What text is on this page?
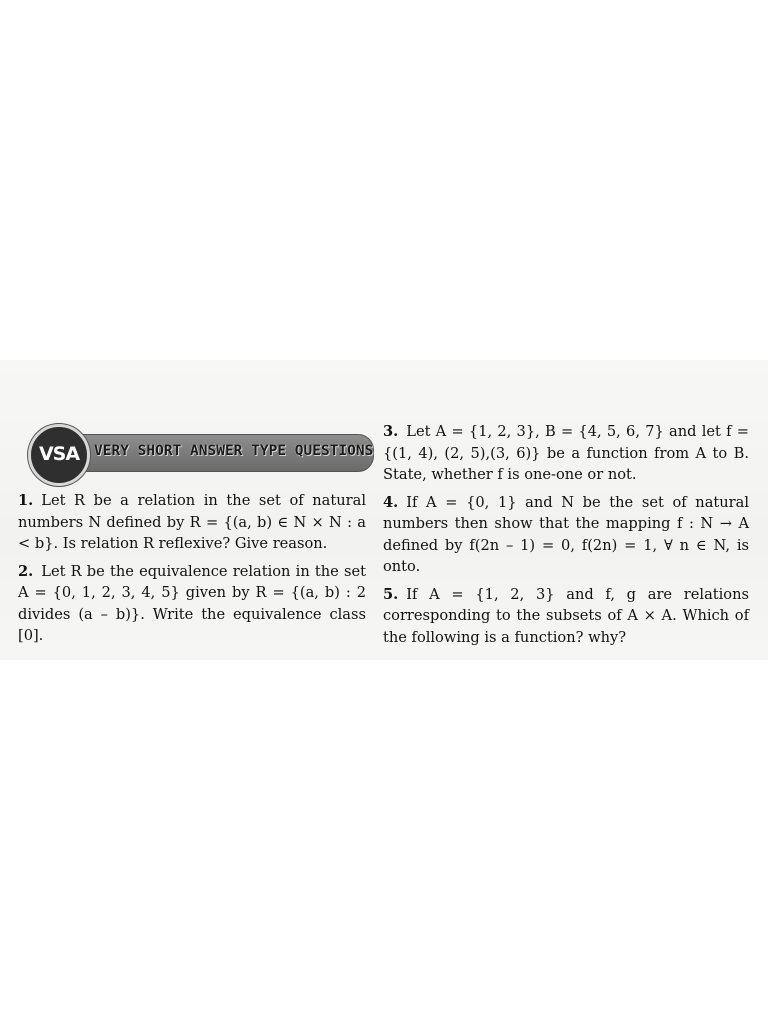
VSA	VERY SHORT ANSWER TYPE QUESTIONS

1. Let R be a relation in the set of natural numbers N defined by R = {(a, b) ∈ N × N : a < b}. Is relation R reflexive? Give reason.

2. Let R be the equivalence relation in the set A = {0, 1, 2, 3, 4, 5} given by R = {(a, b) : 2 divides (a – b)}. Write the equivalence class [0].

3. Let A = {1, 2, 3}, B = {4, 5, 6, 7} and let f = {(1, 4), (2, 5),(3, 6)} be a function from A to B. State, whether f is one-one or not.

4. If A = {0, 1} and N be the set of natural numbers then show that the mapping f : N → A defined by f(2n – 1) = 0, f(2n) = 1, ∀ n ∈ N, is onto.

5. If A = {1, 2, 3} and f, g are relations corresponding to the subsets of A × A. Which of the following is a function? why?
